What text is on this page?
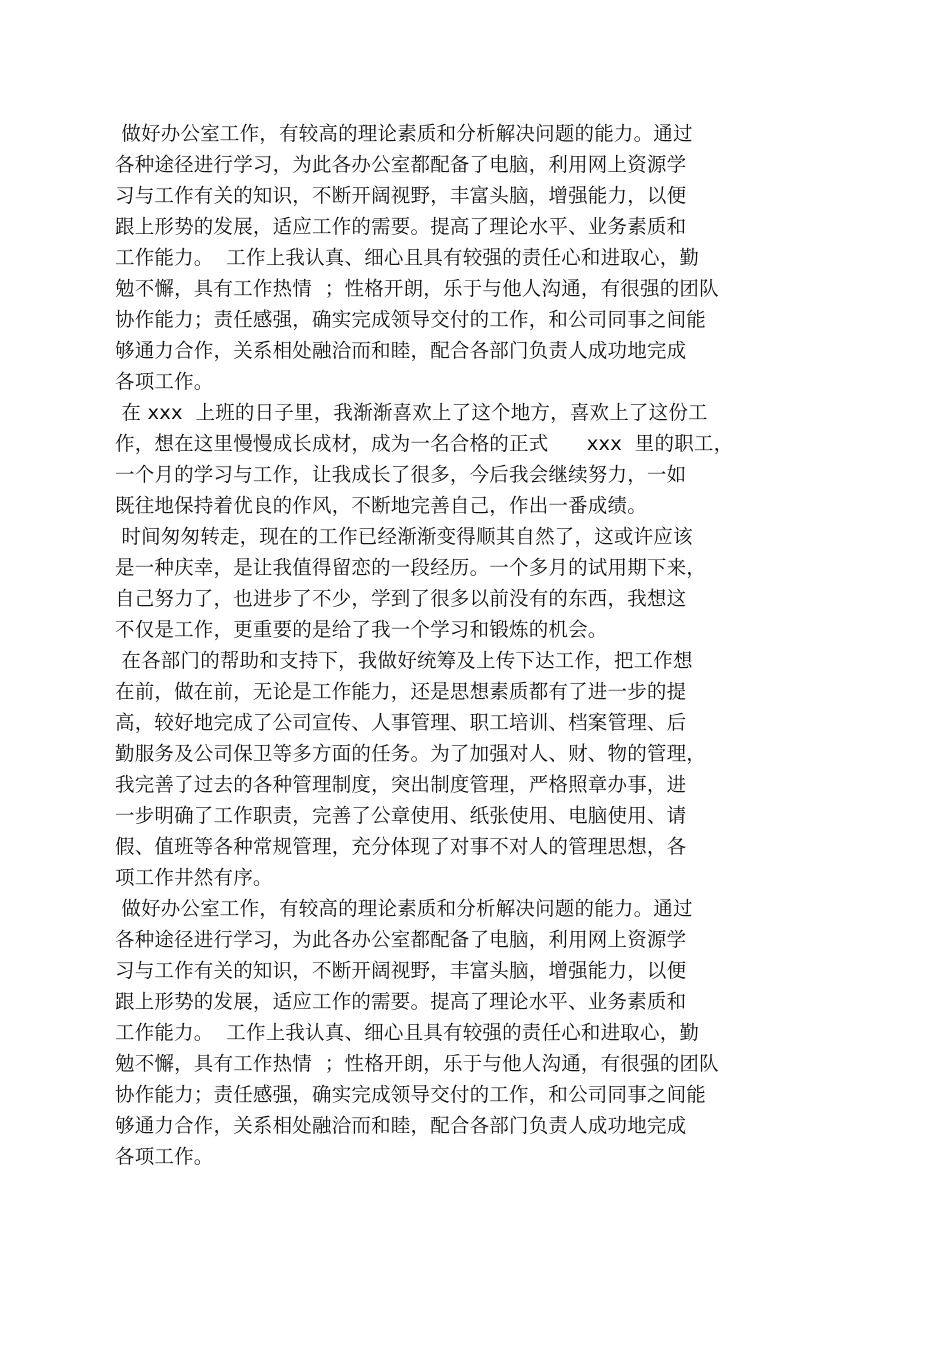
做好办公室工作，有较高的理论素质和分析解决问题的能力。通过
各种途径进行学习，为此各办公室都配备了电脑，利用网上资源学
习与工作有关的知识，不断开阔视野，丰富头脑，增强能力，以便
跟上形势的发展，适应工作的需要。提高了理论水平、业务素质和
工作能力。  工作上我认真、细心且具有较强的责任心和进取心，勤
勉不懈，具有工作热情  ；性格开朗，乐于与他人沟通，有很强的团队
协作能力；责任感强，确实完成领导交付的工作，和公司同事之间能
够通力合作，关系相处融洽而和睦，配合各部门负责人成功地完成
各项工作。
在 xxx  上班的日子里，我渐渐喜欢上了这个地方，喜欢上了这份工
作，想在这里慢慢成长成材，成为一名合格的正式      xxx  里的职工，
一个月的学习与工作，让我成长了很多，今后我会继续努力，一如
既往地保持着优良的作风，不断地完善自己，作出一番成绩。
时间匆匆转走，现在的工作已经渐渐变得顺其自然了，这或许应该
是一种庆幸，是让我值得留恋的一段经历。一个多月的试用期下来，
自己努力了，也进步了不少，学到了很多以前没有的东西，我想这
不仅是工作，更重要的是给了我一个学习和锻炼的机会。
在各部门的帮助和支持下，我做好统筹及上传下达工作，把工作想
在前，做在前，无论是工作能力，还是思想素质都有了进一步的提
高，较好地完成了公司宣传、人事管理、职工培训、档案管理、后
勤服务及公司保卫等多方面的任务。为了加强对人、财、物的管理，
我完善了过去的各种管理制度，突出制度管理，严格照章办事，进
一步明确了工作职责，完善了公章使用、纸张使用、电脑使用、请
假、值班等各种常规管理，充分体现了对事不对人的管理思想，各
项工作井然有序。
做好办公室工作，有较高的理论素质和分析解决问题的能力。通过
各种途径进行学习，为此各办公室都配备了电脑，利用网上资源学
习与工作有关的知识，不断开阔视野，丰富头脑，增强能力，以便
跟上形势的发展，适应工作的需要。提高了理论水平、业务素质和
工作能力。  工作上我认真、细心且具有较强的责任心和进取心，勤
勉不懈，具有工作热情  ；性格开朗，乐于与他人沟通，有很强的团队
协作能力；责任感强，确实完成领导交付的工作，和公司同事之间能
够通力合作，关系相处融洽而和睦，配合各部门负责人成功地完成
各项工作。
